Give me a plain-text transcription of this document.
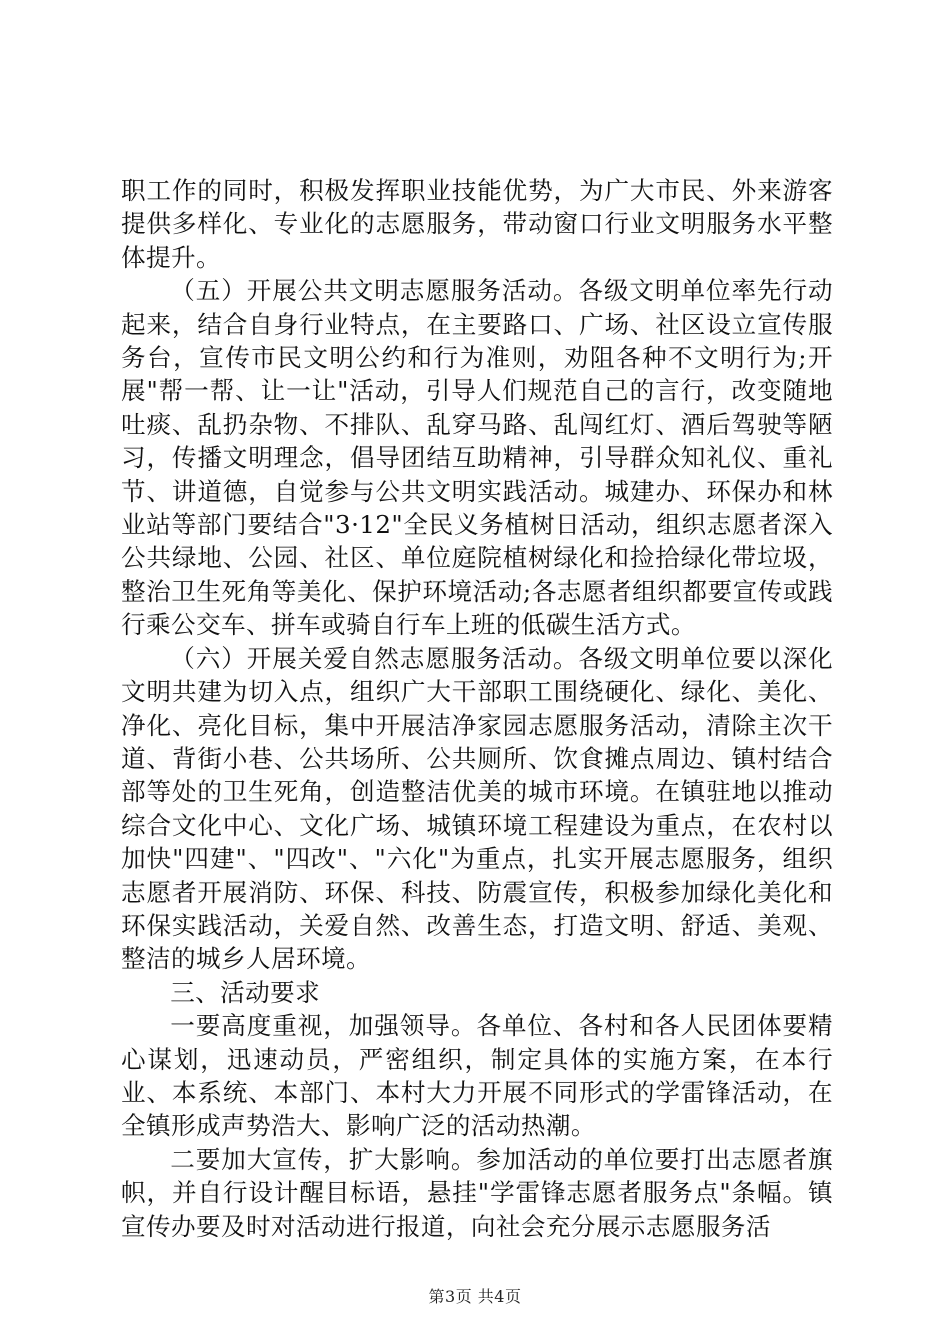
职工作的同时，积极发挥职业技能优势，为广大市民、外来游客提供多样化、专业化的志愿服务，带动窗口行业文明服务水平整体提升。

（五）开展公共文明志愿服务活动。各级文明单位率先行动起来，结合自身行业特点，在主要路口、广场、社区设立宣传服务台，宣传市民文明公约和行为准则，劝阻各种不文明行为;开展"帮一帮、让一让"活动，引导人们规范自己的言行，改变随地吐痰、乱扔杂物、不排队、乱穿马路、乱闯红灯、酒后驾驶等陋习，传播文明理念，倡导团结互助精神，引导群众知礼仪、重礼节、讲道德，自觉参与公共文明实践活动。城建办、环保办和林业站等部门要结合"3·12"全民义务植树日活动，组织志愿者深入公共绿地、公园、社区、单位庭院植树绿化和捡拾绿化带垃圾，整治卫生死角等美化、保护环境活动;各志愿者组织都要宣传或践行乘公交车、拼车或骑自行车上班的低碳生活方式。

（六）开展关爱自然志愿服务活动。各级文明单位要以深化文明共建为切入点，组织广大干部职工围绕硬化、绿化、美化、净化、亮化目标，集中开展洁净家园志愿服务活动，清除主次干道、背街小巷、公共场所、公共厕所、饮食摊点周边、镇村结合部等处的卫生死角，创造整洁优美的城市环境。在镇驻地以推动综合文化中心、文化广场、城镇环境工程建设为重点，在农村以加快"四建"、"四改"、"六化"为重点，扎实开展志愿服务，组织志愿者开展消防、环保、科技、防震宣传，积极参加绿化美化和环保实践活动，关爱自然、改善生态，打造文明、舒适、美观、整洁的城乡人居环境。

三、活动要求

一要高度重视，加强领导。各单位、各村和各人民团体要精心谋划，迅速动员，严密组织，制定具体的实施方案，在本行业、本系统、本部门、本村大力开展不同形式的学雷锋活动，在全镇形成声势浩大、影响广泛的活动热潮。

二要加大宣传，扩大影响。参加活动的单位要打出志愿者旗帜，并自行设计醒目标语，悬挂"学雷锋志愿者服务点"条幅。镇宣传办要及时对活动进行报道，向社会充分展示志愿服务活

第3页 共4页
